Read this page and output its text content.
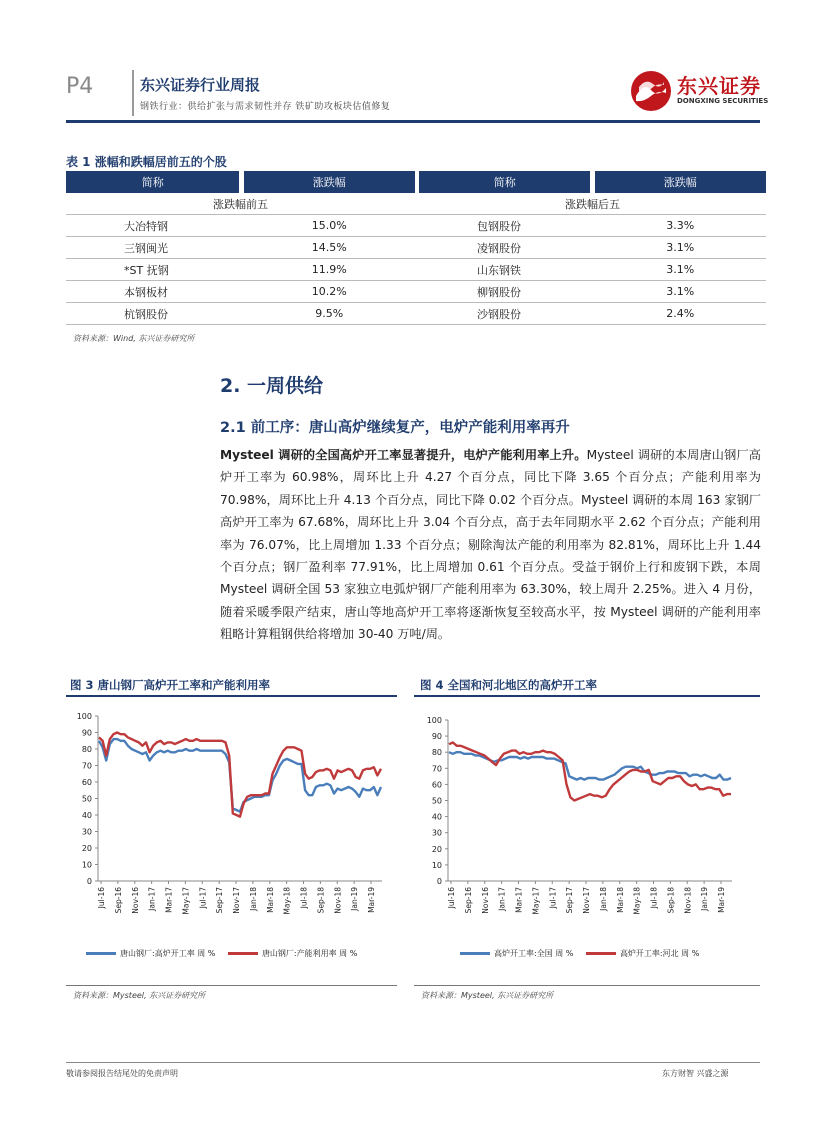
P4	东兴证券行业周报
钢铁行业：供给扩张与需求韧性并存 铁矿助攻板块估值修复
东兴证券
DONGXING SECURITIES
表 1 涨幅和跌幅居前五的个股
简称		涨跌幅		简称		涨跌幅
涨跌幅前五				涨跌幅后五		
大冶特钢		15.0%		包钢股份		3.3%
三钢闽光		14.5%		凌钢股份		3.1%
*ST 抚钢		11.9%		山东钢铁		3.1%
本钢板材		10.2%		柳钢股份		3.1%
杭钢股份		9.5%		沙钢股份		2.4%
资料来源：Wind, 东兴证券研究所
2. 一周供给
2.1 前工序：唐山高炉继续复产，电炉产能利用率再升

Mysteel 调研的全国高炉开工率显著提升，电炉产能利用率上升。Mysteel 调研的本周唐山钢厂高炉开工率为 60.98%，周环比上升 4.27 个百分点，同比下降 3.65 个百分点；产能利用率为 70.98%，周环比上升 4.13 个百分点，同比下降 0.02 个百分点。Mysteel 调研的本周 163 家钢厂高炉开工率为 67.68%，周环比上升 3.04 个百分点，高于去年同期水平 2.62 个百分点；产能利用率为 76.07%，比上周增加 1.33 个百分点；剔除淘汰产能的利用率为 82.81%，周环比上升 1.44 个百分点；钢厂盈利率 77.91%，比上周增加 0.61 个百分点。受益于钢价上行和废钢下跌，本周 Mysteel 调研全国 53 家独立电弧炉钢厂产能利用率为 63.30%，较上周升 2.25%。进入 4 月份，随着采暖季限产结束，唐山等地高炉开工率将逐渐恢复至较高水平，按 Mysteel 调研的产能利用率粗略计算粗钢供给将增加 30-40 万吨/周。

图 3 唐山钢厂高炉开工率和产能利用率
0
10
20
30
40
50
60
70
80
90
100
Jul-16 Sep-16 Nov-16 Jan-17 Mar-17 May-17 Jul-17 Sep-17 Nov-17 Jan-18 Mar-18 May-18 Jul-18 Sep-18 Nov-18 Jan-19 Mar-19
唐山钢厂:高炉开工率 周 %	唐山钢厂:产能利用率 周 %
资料来源：Mysteel, 东兴证券研究所
图 4 全国和河北地区的高炉开工率
0
10
20
30
40
50
60
70
80
90
100
Jul-16 Sep-16 Nov-16 Jan-17 Mar-17 May-17 Jul-17 Sep-17 Nov-17 Jan-18 Mar-18 May-18 Jul-18 Sep-18 Nov-18 Jan-19 Mar-19
高炉开工率:全国 周 %	高炉开工率:河北 周 %
资料来源：Mysteel, 东兴证券研究所
敬请参阅报告结尾处的免责声明	东方财智 兴盛之源
